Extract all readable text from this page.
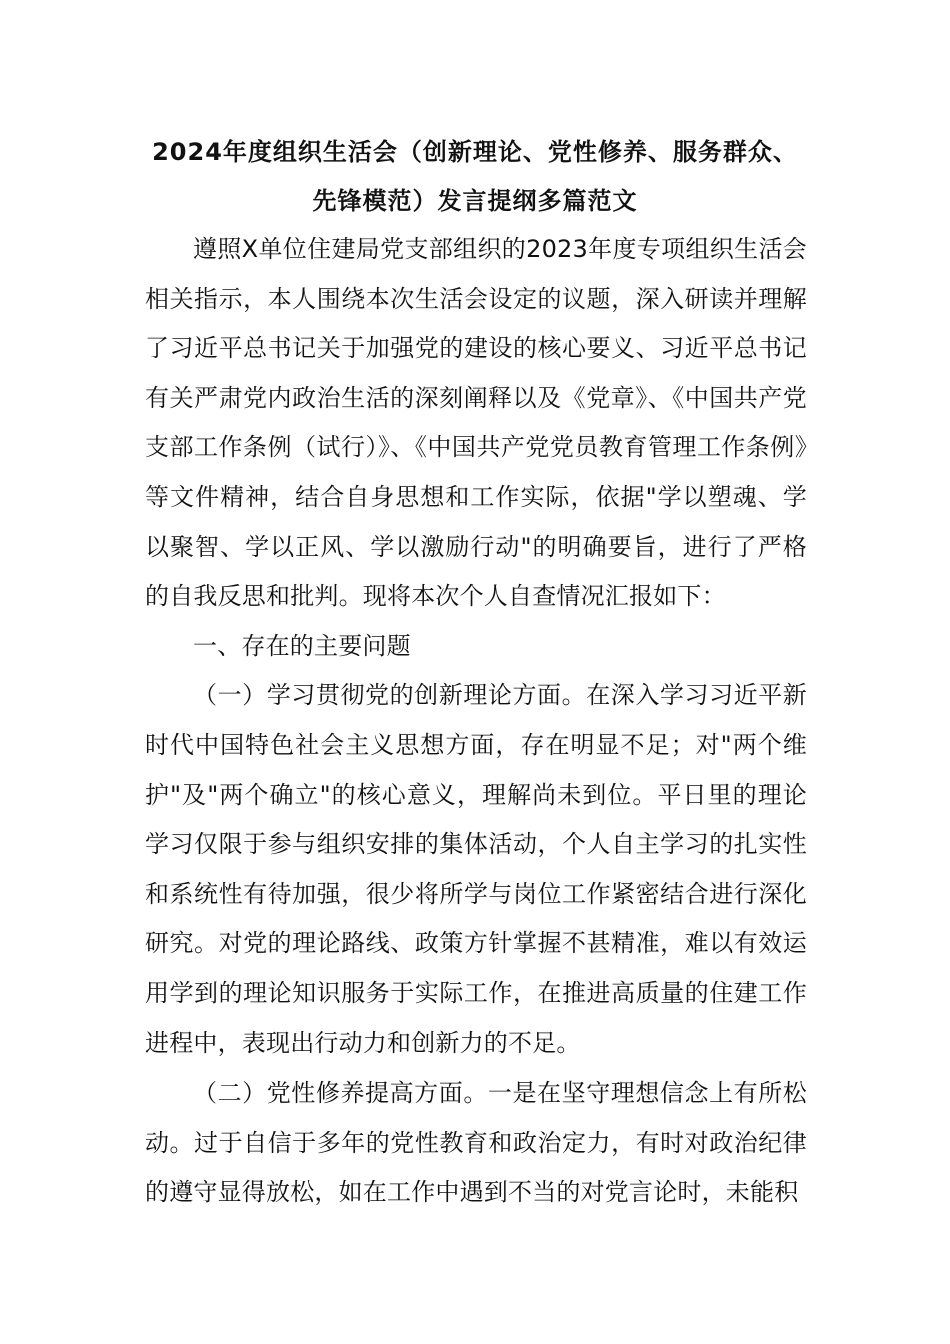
2024年度组织生活会（创新理论、党性修养、服务群众、先锋模范）发言提纲多篇范文

遵照X单位住建局党支部组织的2023年度专项组织生活会相关指示，本人围绕本次生活会设定的议题，深入研读并理解了习近平总书记关于加强党的建设的核心要义、习近平总书记有关严肃党内政治生活的深刻阐释以及《党章》、《中国共产党支部工作条例（试行）》、《中国共产党党员教育管理工作条例》等文件精神，结合自身思想和工作实际，依据"学以塑魂、学以聚智、学以正风、学以激励行动"的明确要旨，进行了严格的自我反思和批判。现将本次个人自查情况汇报如下：

一、存在的主要问题

（一）学习贯彻党的创新理论方面。在深入学习习近平新时代中国特色社会主义思想方面，存在明显不足；对"两个维护"及"两个确立"的核心意义，理解尚未到位。平日里的理论学习仅限于参与组织安排的集体活动，个人自主学习的扎实性和系统性有待加强，很少将所学与岗位工作紧密结合进行深化研究。对党的理论路线、政策方针掌握不甚精准，难以有效运用学到的理论知识服务于实际工作，在推进高质量的住建工作进程中，表现出行动力和创新力的不足。

（二）党性修养提高方面。一是在坚守理想信念上有所松动。过于自信于多年的党性教育和政治定力，有时对政治纪律的遵守显得放松，如在工作中遇到不当的对党言论时，未能积
